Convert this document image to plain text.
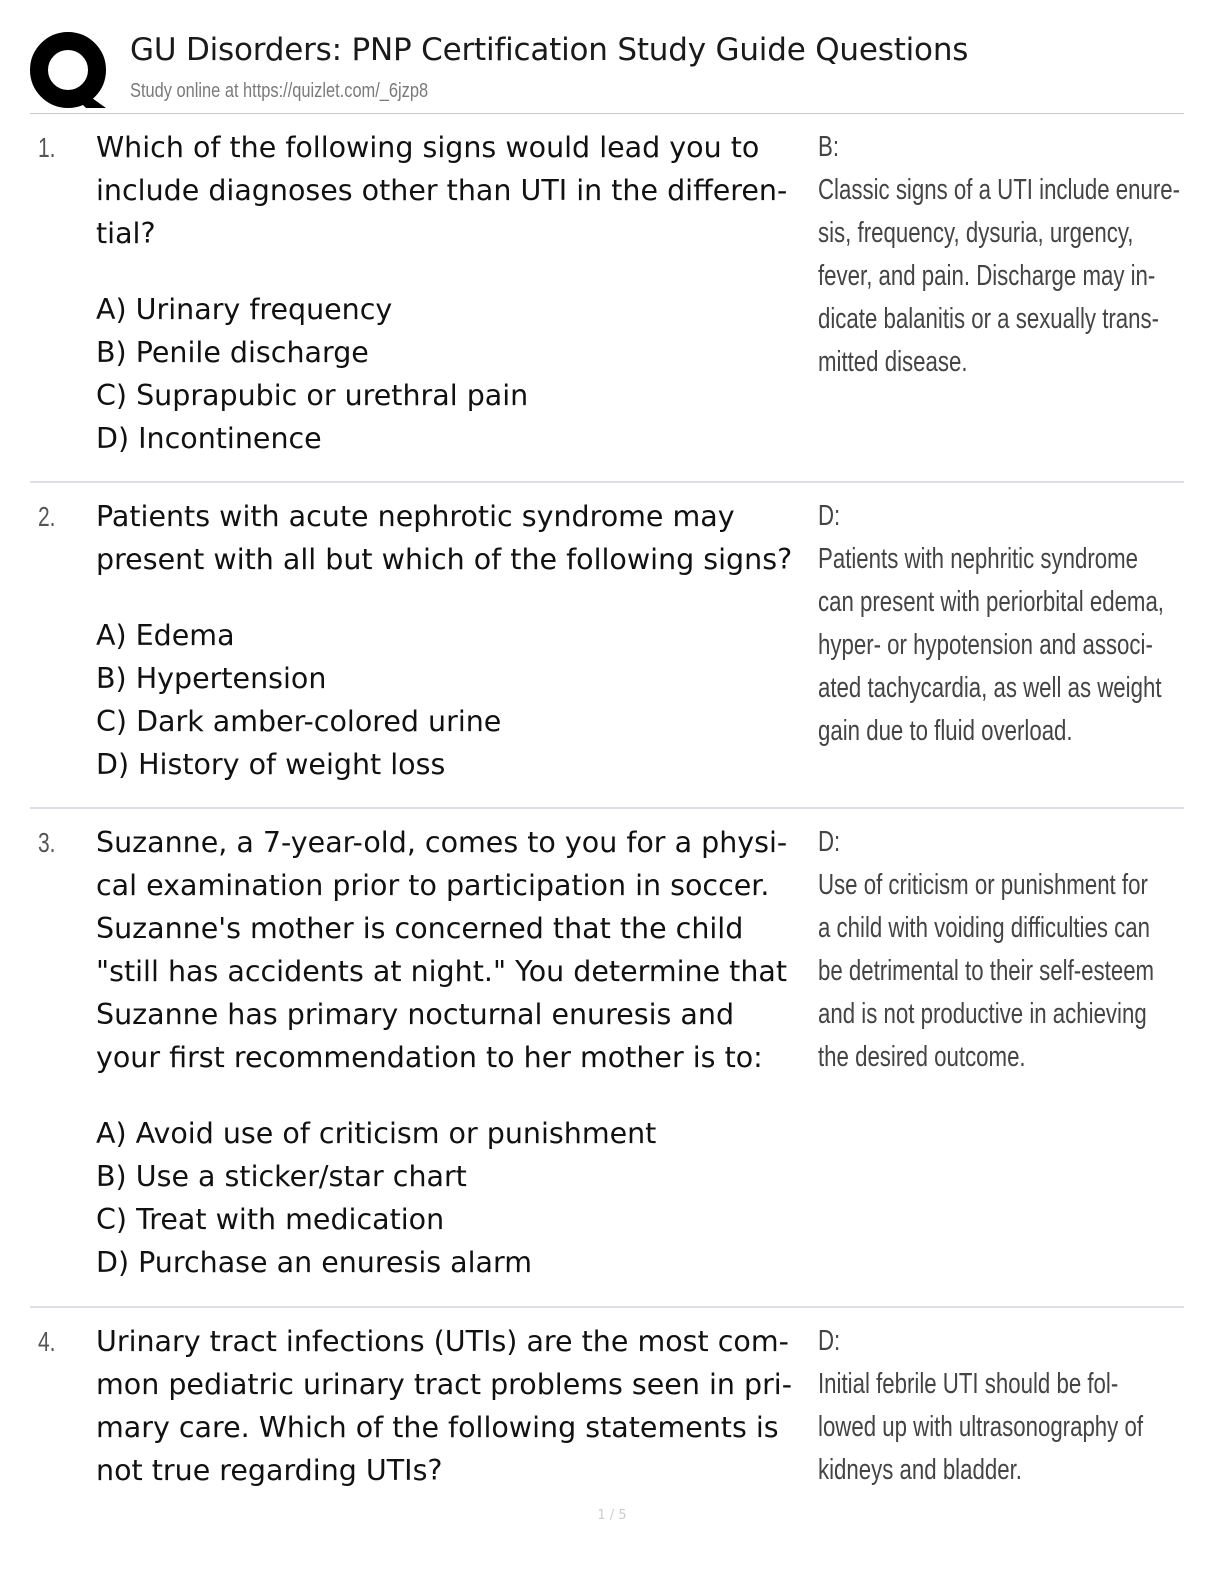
GU Disorders: PNP Certification Study Guide Questions
Study online at https://quizlet.com/_6jzp8
1. Which of the following signs would lead you to
include diagnoses other than UTI in the differen-
tial?
A) Urinary frequency
B) Penile discharge
C) Suprapubic or urethral pain
D) Incontinence
B:
Classic signs of a UTI include enure-
sis, frequency, dysuria, urgency,
fever, and pain. Discharge may in-
dicate balanitis or a sexually trans-
mitted disease.
2. Patients with acute nephrotic syndrome may
present with all but which of the following signs?
A) Edema
B) Hypertension
C) Dark amber-colored urine
D) History of weight loss
D:
Patients with nephritic syndrome
can present with periorbital edema,
hyper- or hypotension and associ-
ated tachycardia, as well as weight
gain due to fluid overload.
3. Suzanne, a 7-year-old, comes to you for a physi-
cal examination prior to participation in soccer.
Suzanne's mother is concerned that the child
"still has accidents at night." You determine that
Suzanne has primary nocturnal enuresis and
your first recommendation to her mother is to:
A) Avoid use of criticism or punishment
B) Use a sticker/star chart
C) Treat with medication
D) Purchase an enuresis alarm
D:
Use of criticism or punishment for
a child with voiding difficulties can
be detrimental to their self-esteem
and is not productive in achieving
the desired outcome.
4. Urinary tract infections (UTIs) are the most com-
mon pediatric urinary tract problems seen in pri-
mary care. Which of the following statements is
not true regarding UTIs?
D:
Initial febrile UTI should be fol-
lowed up with ultrasonography of
kidneys and bladder.
1 / 5
